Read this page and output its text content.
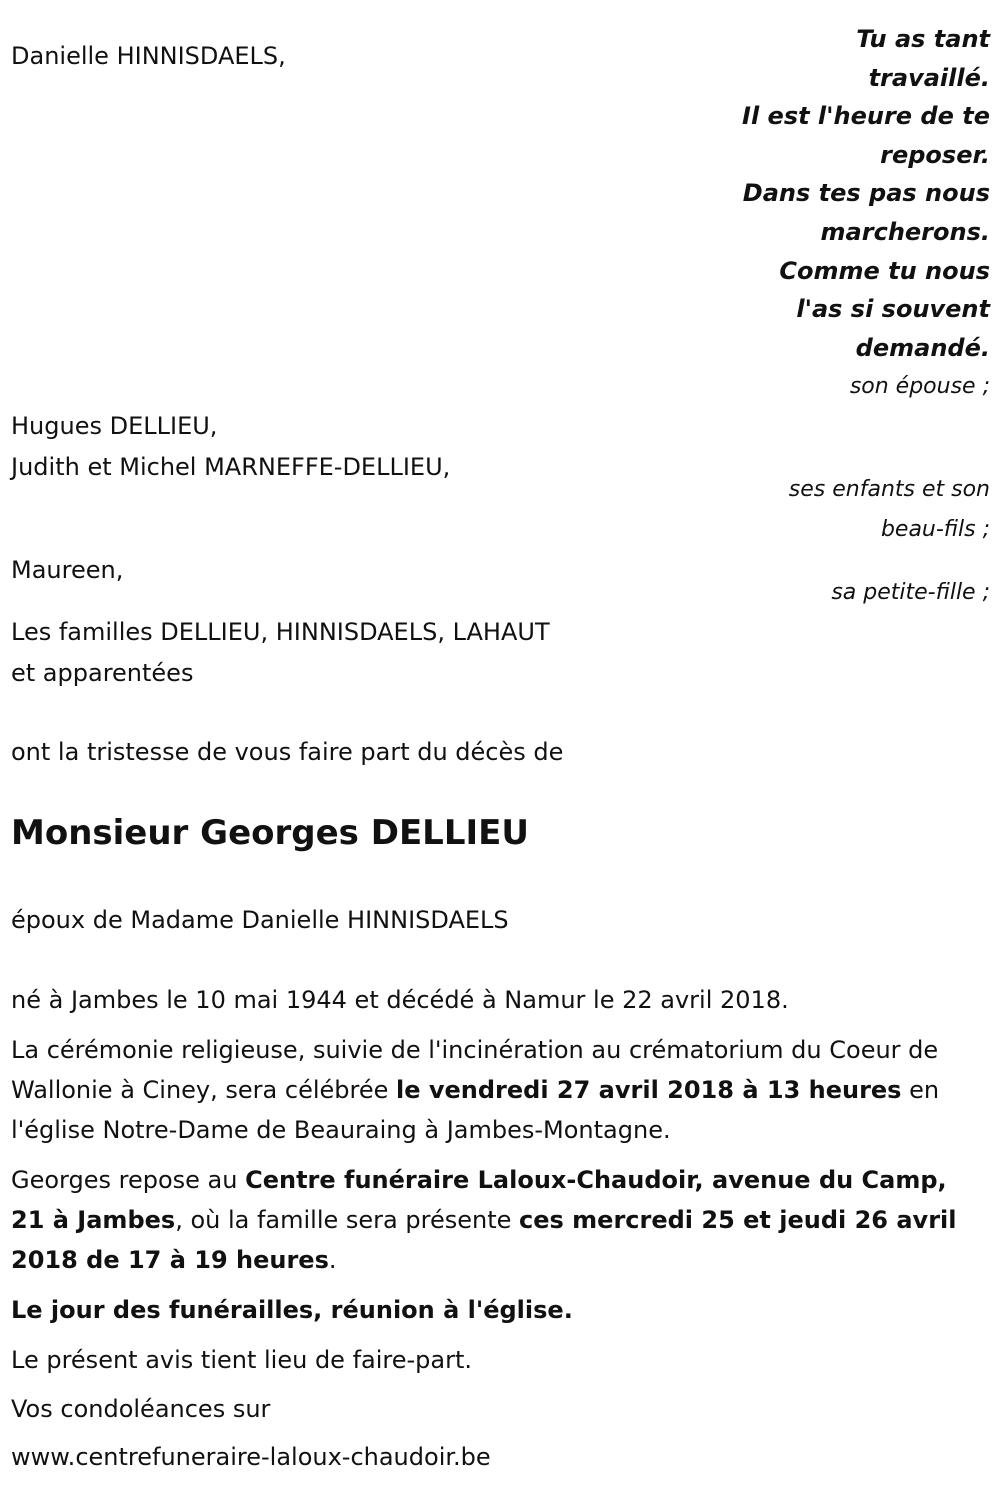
Tu as tant
travaillé.
Il est l'heure de te
reposer.
Dans tes pas nous
marcherons.
Comme tu nous
l'as si souvent
demandé.
Danielle HINNISDAELS,
son épouse ;
Hugues DELLIEU,
Judith et Michel MARNEFFE-DELLIEU,
ses enfants et son
beau-fils ;
Maureen,
sa petite-fille ;
Les familles DELLIEU, HINNISDAELS, LAHAUT
et apparentées
ont la tristesse de vous faire part du décès de
Monsieur Georges DELLIEU
époux de Madame Danielle HINNISDAELS
né à Jambes le 10 mai 1944 et décédé à Namur le 22 avril 2018.
La cérémonie religieuse, suivie de l'incinération au crématorium du Coeur de Wallonie à Ciney, sera célébrée le vendredi 27 avril 2018 à 13 heures en l'église Notre-Dame de Beauraing à Jambes-Montagne.
Georges repose au Centre funéraire Laloux-Chaudoir, avenue du Camp, 21 à Jambes, où la famille sera présente ces mercredi 25 et jeudi 26 avril 2018 de 17 à 19 heures.
Le jour des funérailles, réunion à l'église.
Le présent avis tient lieu de faire-part.
Vos condoléances sur
www.centrefuneraire-laloux-chaudoir.be
